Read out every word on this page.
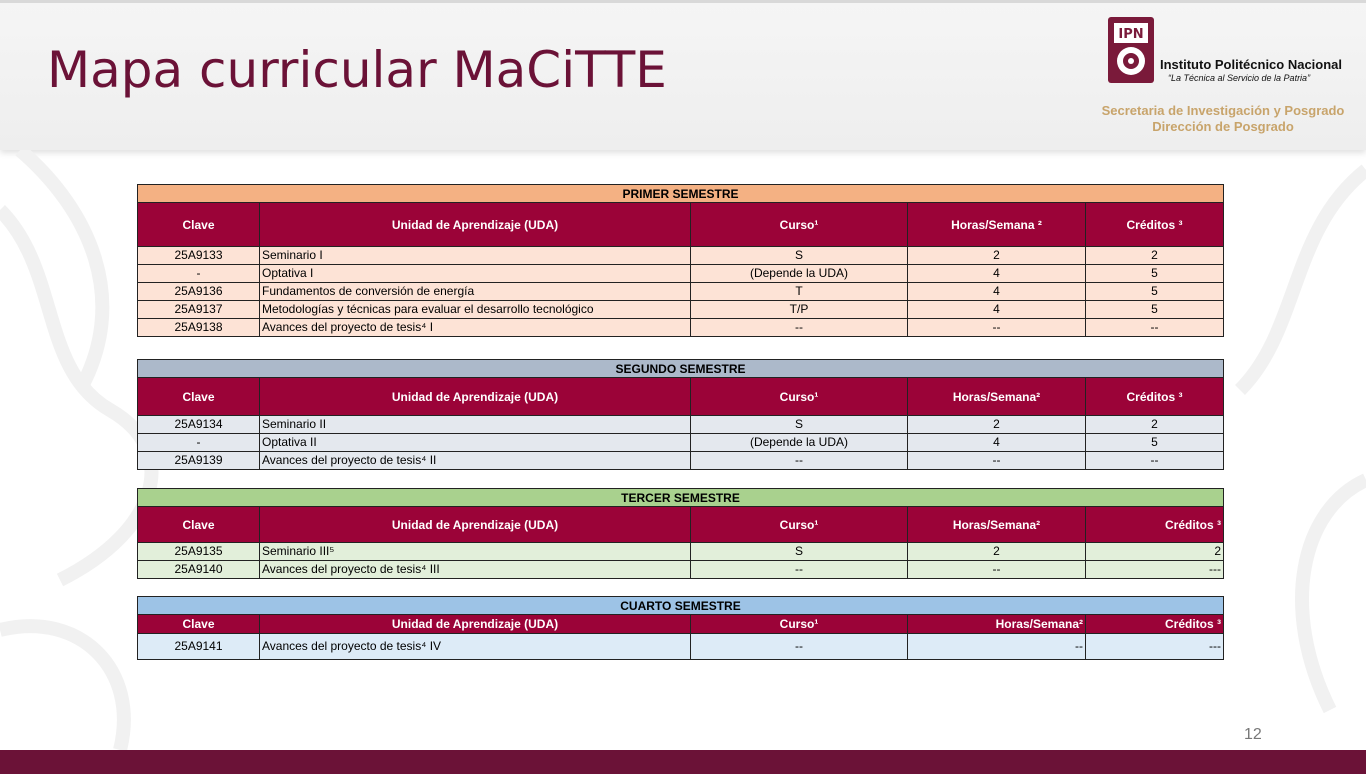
Mapa curricular MaCiTTE
IPN
Instituto Politécnico Nacional
“La Técnica al Servicio de la Patria”
Secretaria de Investigación y Posgrado
Dirección de Posgrado
PRIMER SEMESTRE				
Clave	Unidad de Aprendizaje (UDA)	Curso¹	Horas/Semana ²	Créditos ³
25A9133	Seminario I	S	2	2
-	Optativa I	(Depende la UDA)	4	5
25A9136	Fundamentos de conversión de energía	T	4	5
25A9137	Metodologías y técnicas para evaluar el desarrollo tecnológico	T/P	4	5
25A9138	Avances del proyecto de tesis⁴ I	--	--	--
SEGUNDO SEMESTRE				
Clave	Unidad de Aprendizaje (UDA)	Curso¹	Horas/Semana²	Créditos ³
25A9134	Seminario II	S	2	2
-	Optativa II	(Depende la UDA)	4	5
25A9139	Avances del proyecto de tesis⁴ II	--	--	--
TERCER SEMESTRE				
Clave	Unidad de Aprendizaje (UDA)	Curso¹	Horas/Semana²	Créditos ³
25A9135	Seminario III⁵	S	2	2
25A9140	Avances del proyecto de tesis⁴ III	--	--	---
CUARTO SEMESTRE				
Clave	Unidad de Aprendizaje (UDA)	Curso¹	Horas/Semana²	Créditos ³
25A9141	Avances del proyecto de tesis⁴ IV	--	--	---
12
